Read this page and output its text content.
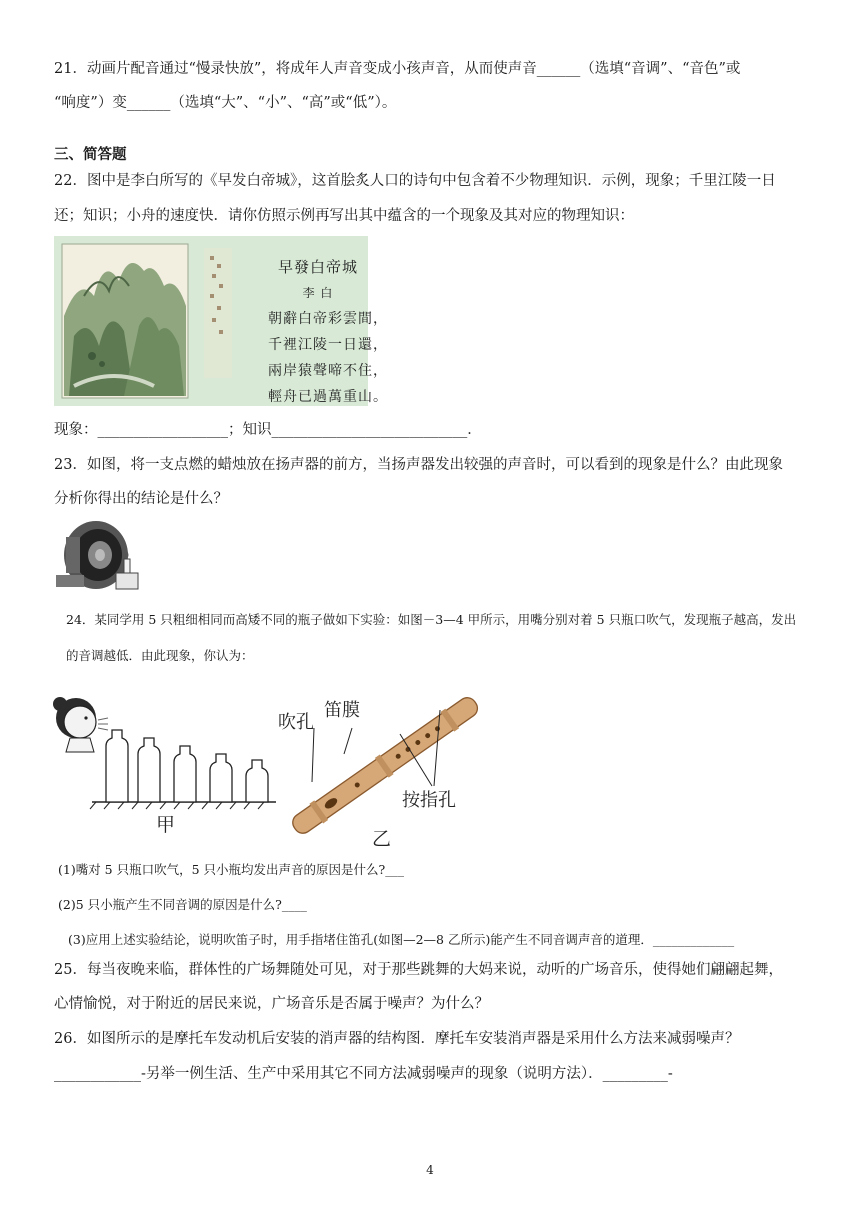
21．动画片配音通过“慢录快放”，将成年人声音变成小孩声音，从而使声音______（选填“音调”、“音色”或
“响度”）变______（选填“大”、“小”、“高”或“低”）。
三、简答题
22．图中是李白所写的《早发白帝城》，这首脍炙人口的诗句中包含着不少物理知识．示例，现象；千里江陵一日
还；知识；小舟的速度快．请你仿照示例再写出其中蕴含的一个现象及其对应的物理知识：
早發白帝城
李 白
朝辭白帝彩雲間，
千裡江陵一日還，
兩岸猿聲啼不住，
輕舟已過萬重山。
现象：__________________；知识___________________________．
23．如图，将一支点燃的蜡烛放在扬声器的前方，当扬声器发出较强的声音时，可以看到的现象是什么？由此现象
分析你得出的结论是什么？
24．某同学用 5 只粗细相同而高矮不同的瓶子做如下实验：如图－3—4 甲所示，用嘴分别对着 5 只瓶口吹气，发现瓶子越高，发出
的音调越低．由此现象，你认为：
吹孔
笛膜
按指孔
甲
乙
(1)嘴对 5 只瓶口吹气，5 只小瓶均发出声音的原因是什么?___
(2)5 只小瓶产生不同音调的原因是什么?____
(3)应用上述实验结论，说明吹笛子时，用手指堵住笛孔(如图—2—8 乙所示)能产生不同音调声音的道理．_____________
25．每当夜晚来临，群体性的广场舞随处可见，对于那些跳舞的大妈来说，动听的广场音乐，使得她们翩翩起舞，
心情愉悦，对于附近的居民来说，广场音乐是否属于噪声？为什么？
26．如图所示的是摩托车发动机后安装的消声器的结构图．摩托车安装消声器是采用什么方法来减弱噪声？
____________-另举一例生活、生产中采用其它不同方法减弱噪声的现象（说明方法）．_________-
4
